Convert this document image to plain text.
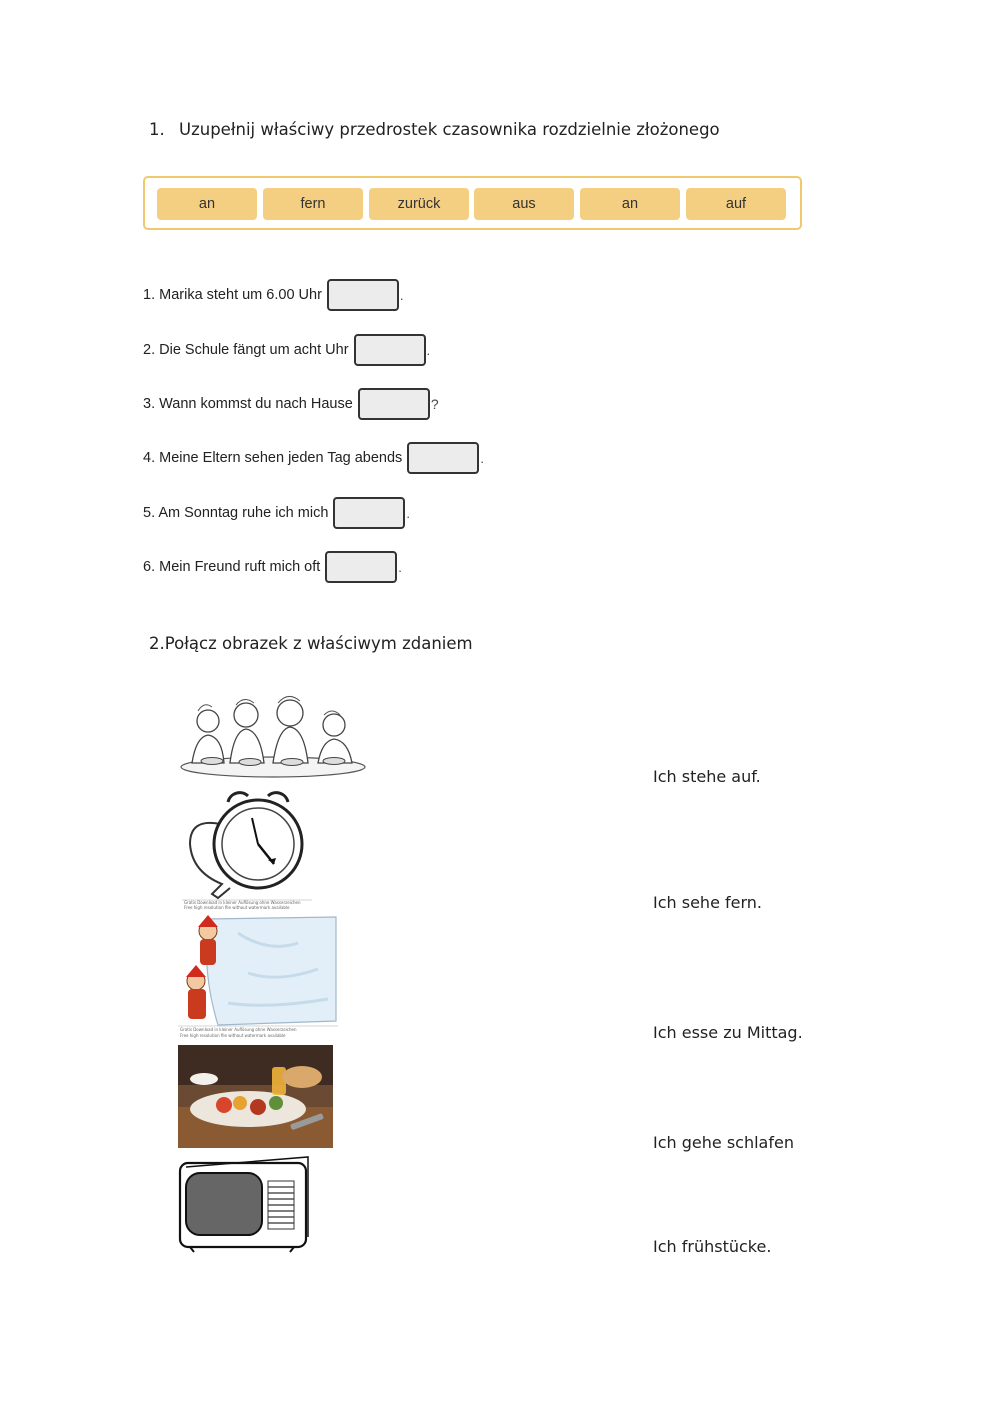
1. Uzupełnij właściwy przedrostek czasownika rozdzielnie złożonego
an	fern	zurück	aus	an	auf
1. Marika steht um 6.00 Uhr	.
2. Die Schule fängt um acht Uhr	.
3. Wann kommst du nach Hause	?
4. Meine Eltern sehen jeden Tag abends	.
5. Am Sonntag ruhe ich mich	.
6. Mein Freund ruft mich oft	.
2.Połącz obrazek z właściwym zdaniem
Gratis Download in kleiner Auflösung ohne Wasserzeichen
Free high resolution file without watermark available
Gratis Download in kleiner Auflösung ohne Wasserzeichen
Free high resolution file without watermark available
Ich stehe auf.
Ich sehe fern.
Ich esse zu Mittag.
Ich gehe schlafen
Ich frühstücke.
